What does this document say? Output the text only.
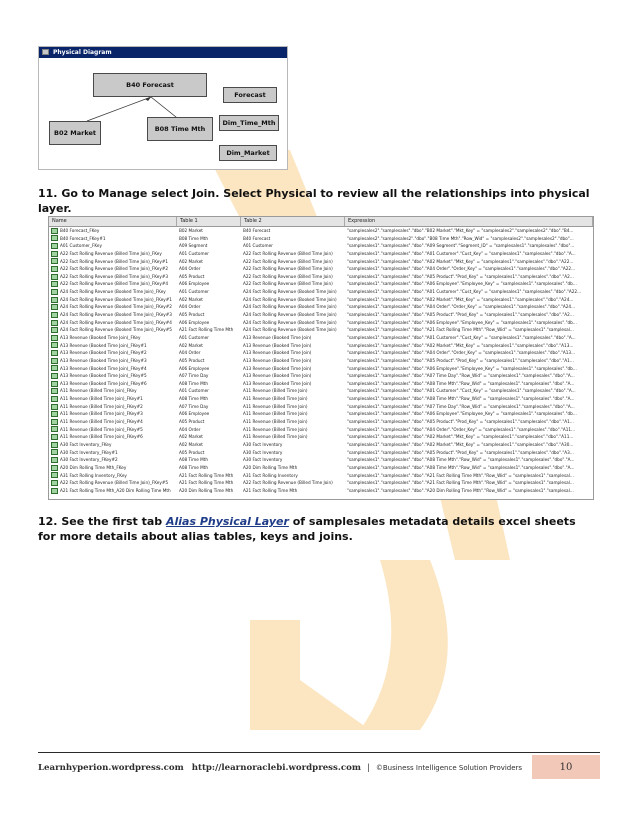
Physical Diagram
B40 Forecast
Forecast
B02 Market	B08 Time Mth
Dim_Time_Mth
Dim_Market
11. Go to Manage select Join. Select Physical to review all the relationships into physical layer.
Name	Table 1	Table 2	Expression
B40 Forecast_FKey	B02 Market	B40 Forecast	"samplesales2"."samplesales"."dbo"."B02 Market"."Mkt_Key" = "samplesales2"."samplesales2"."dbo"."B4...
B40 Forecast_FKey#1	B08 Time Mth	B40 Forecast	"samplesales2"."samplesales2"."dbo"."B08 Time Mth"."Row_Wid" = "samplesales2"."samplesales2"."dbo"...
A01 Customer_FKey	A09 Segment	A01 Customer	"samplesales1"."samplesales"."dbo"."A09 Segment"."Segment_ID" = "samplesales1"."samplesales"."dbo"...
A22 Fact Rolling Revenue (Billed Time Join)_FKey	A01 Customer	A22 Fact Rolling Revenue (Billed Time Join)	"samplesales1"."samplesales"."dbo"."A01 Customer"."Cust_Key" = "samplesales1"."samplesales"."dbo"."A...
A22 Fact Rolling Revenue (Billed Time Join)_FKey#1	A02 Market	A22 Fact Rolling Revenue (Billed Time Join)	"samplesales1"."samplesales"."dbo"."A02 Market"."Mkt_Key" = "samplesales1"."samplesales"."dbo"."A22...
A22 Fact Rolling Revenue (Billed Time Join)_FKey#2	A04 Order	A22 Fact Rolling Revenue (Billed Time Join)	"samplesales1"."samplesales"."dbo"."A04 Order"."Order_Key" = "samplesales1"."samplesales"."dbo"."A22...
A22 Fact Rolling Revenue (Billed Time Join)_FKey#3	A05 Product	A22 Fact Rolling Revenue (Billed Time Join)	"samplesales1"."samplesales"."dbo"."A05 Product"."Prod_Key" = "samplesales1"."samplesales"."dbo"."A2...
A22 Fact Rolling Revenue (Billed Time Join)_FKey#4	A06 Employee	A22 Fact Rolling Revenue (Billed Time Join)	"samplesales1"."samplesales"."dbo"."A06 Employee"."Employee_Key" = "samplesales1"."samplesales"."db...
A24 Fact Rolling Revenue (Booked Time Join)_FKey	A01 Customer	A24 Fact Rolling Revenue (Booked Time Join)	"samplesales1"."samplesales"."dbo"."A01 Customer"."Cust_Key" = "samplesales1"."samplesales"."dbo"."A22...
A24 Fact Rolling Revenue (Booked Time Join)_FKey#1	A02 Market	A24 Fact Rolling Revenue (Booked Time Join)	"samplesales1"."samplesales"."dbo"."A02 Market"."Mkt_Key" = "samplesales1"."samplesales"."dbo"."A24...
A24 Fact Rolling Revenue (Booked Time Join)_FKey#2	A04 Order	A24 Fact Rolling Revenue (Booked Time Join)	"samplesales1"."samplesales"."dbo"."A04 Order"."Order_Key" = "samplesales1"."samplesales"."dbo"."A24...
A24 Fact Rolling Revenue (Booked Time Join)_FKey#3	A05 Product	A24 Fact Rolling Revenue (Booked Time Join)	"samplesales1"."samplesales"."dbo"."A05 Product"."Prod_Key" = "samplesales1"."samplesales"."dbo"."A2...
A24 Fact Rolling Revenue (Booked Time Join)_FKey#4	A06 Employee	A24 Fact Rolling Revenue (Booked Time Join)	"samplesales1"."samplesales"."dbo"."A06 Employee"."Employee_Key" = "samplesales1"."samplesales"."db...
A24 Fact Rolling Revenue (Booked Time Join)_FKey#5	A21 Fact Rolling Time Mth	A24 Fact Rolling Revenue (Booked Time Join)	"samplesales1"."samplesales"."dbo"."A21 Fact Rolling Time Mth"."Row_Wid" = "samplesales1"."samplesal...
A13 Revenue (Booked Time Join)_FKey	A01 Customer	A13 Revenue (Booked Time Join)	"samplesales1"."samplesales"."dbo"."A01 Customer"."Cust_Key" = "samplesales1"."samplesales"."dbo"."A...
A13 Revenue (Booked Time Join)_FKey#1	A02 Market	A13 Revenue (Booked Time Join)	"samplesales1"."samplesales"."dbo"."A02 Market"."Mkt_Key" = "samplesales1"."samplesales"."dbo"."A13...
A13 Revenue (Booked Time Join)_FKey#2	A04 Order	A13 Revenue (Booked Time Join)	"samplesales1"."samplesales"."dbo"."A04 Order"."Order_Key" = "samplesales1"."samplesales"."dbo"."A13...
A13 Revenue (Booked Time Join)_FKey#3	A05 Product	A13 Revenue (Booked Time Join)	"samplesales1"."samplesales"."dbo"."A05 Product"."Prod_Key" = "samplesales1"."samplesales"."dbo"."A1...
A13 Revenue (Booked Time Join)_FKey#4	A06 Employee	A13 Revenue (Booked Time Join)	"samplesales1"."samplesales"."dbo"."A06 Employee"."Employee_Key" = "samplesales1"."samplesales"."db...
A13 Revenue (Booked Time Join)_FKey#5	A07 Time Day	A13 Revenue (Booked Time Join)	"samplesales1"."samplesales"."dbo"."A07 Time Day"."Row_Wid" = "samplesales1"."samplesales"."dbo"."A...
A13 Revenue (Booked Time Join)_FKey#6	A08 Time Mth	A13 Revenue (Booked Time Join)	"samplesales1"."samplesales"."dbo"."A08 Time Mth"."Row_Wid" = "samplesales1"."samplesales"."dbo"."A...
A11 Revenue (Billed Time Join)_FKey	A01 Customer	A11 Revenue (Billed Time Join)	"samplesales1"."samplesales"."dbo"."A01 Customer"."Cust_Key" = "samplesales1"."samplesales"."dbo"."A...
A11 Revenue (Billed Time Join)_FKey#1	A08 Time Mth	A11 Revenue (Billed Time Join)	"samplesales1"."samplesales"."dbo"."A08 Time Mth"."Row_Wid" = "samplesales1"."samplesales"."dbo"."A...
A11 Revenue (Billed Time Join)_FKey#2	A07 Time Day	A11 Revenue (Billed Time Join)	"samplesales1"."samplesales"."dbo"."A07 Time Day"."Row_Wid" = "samplesales1"."samplesales"."dbo"."A...
A11 Revenue (Billed Time Join)_FKey#3	A06 Employee	A11 Revenue (Billed Time Join)	"samplesales1"."samplesales"."dbo"."A06 Employee"."Employee_Key" = "samplesales1"."samplesales"."db...
A11 Revenue (Billed Time Join)_FKey#4	A05 Product	A11 Revenue (Billed Time Join)	"samplesales1"."samplesales"."dbo"."A05 Product"."Prod_Key" = "samplesales1"."samplesales"."dbo"."A1...
A11 Revenue (Billed Time Join)_FKey#5	A04 Order	A11 Revenue (Billed Time Join)	"samplesales1"."samplesales"."dbo"."A04 Order"."Order_Key" = "samplesales1"."samplesales"."dbo"."A11...
A11 Revenue (Billed Time Join)_FKey#6	A02 Market	A11 Revenue (Billed Time Join)	"samplesales1"."samplesales"."dbo"."A02 Market"."Mkt_Key" = "samplesales1"."samplesales"."dbo"."A11...
A30 Fact Inventory_FKey	A02 Market	A30 Fact Inventory	"samplesales1"."samplesales"."dbo"."A02 Market"."Mkt_Key" = "samplesales1"."samplesales"."dbo"."A30...
A30 Fact Inventory_FKey#1	A05 Product	A30 Fact Inventory	"samplesales1"."samplesales"."dbo"."A05 Product"."Prod_Key" = "samplesales1"."samplesales"."dbo"."A3...
A30 Fact Inventory_FKey#2	A08 Time Mth	A30 Fact Inventory	"samplesales1"."samplesales"."dbo"."A08 Time Mth"."Row_Wid" = "samplesales1"."samplesales"."dbo"."A...
A20 Dim Rolling Time Mth_FKey	A08 Time Mth	A20 Dim Rolling Time Mth	"samplesales1"."samplesales"."dbo"."A08 Time Mth"."Row_Wid" = "samplesales1"."samplesales"."dbo"."A...
A31 Fact Rolling Inventory_FKey	A21 Fact Rolling Time Mth	A31 Fact Rolling Inventory	"samplesales1"."samplesales"."dbo"."A21 Fact Rolling Time Mth"."Row_Wid" = "samplesales1"."samplesal...
A22 Fact Rolling Revenue (Billed Time Join)_FKey#5	A21 Fact Rolling Time Mth	A22 Fact Rolling Revenue (Billed Time Join)	"samplesales1"."samplesales"."dbo"."A21 Fact Rolling Time Mth"."Row_Wid" = "samplesales1"."samplesal...
A21 Fact Rolling Time Mth_A20 Dim Rolling Time Mth	A20 Dim Rolling Time Mth	A21 Fact Rolling Time Mth	"samplesales1"."samplesales"."dbo"."A20 Dim Rolling Time Mth"."Row_Wid" = "samplesales1"."samplesal...
12. See the first tab Alias Physical Layer of samplesales metadata details excel sheets for more details about alias tables, keys and joins.
Learnhyperion.wordpress.com http://learnoraclebi.wordpress.com | ©Business Intelligence Solution Providers	10
